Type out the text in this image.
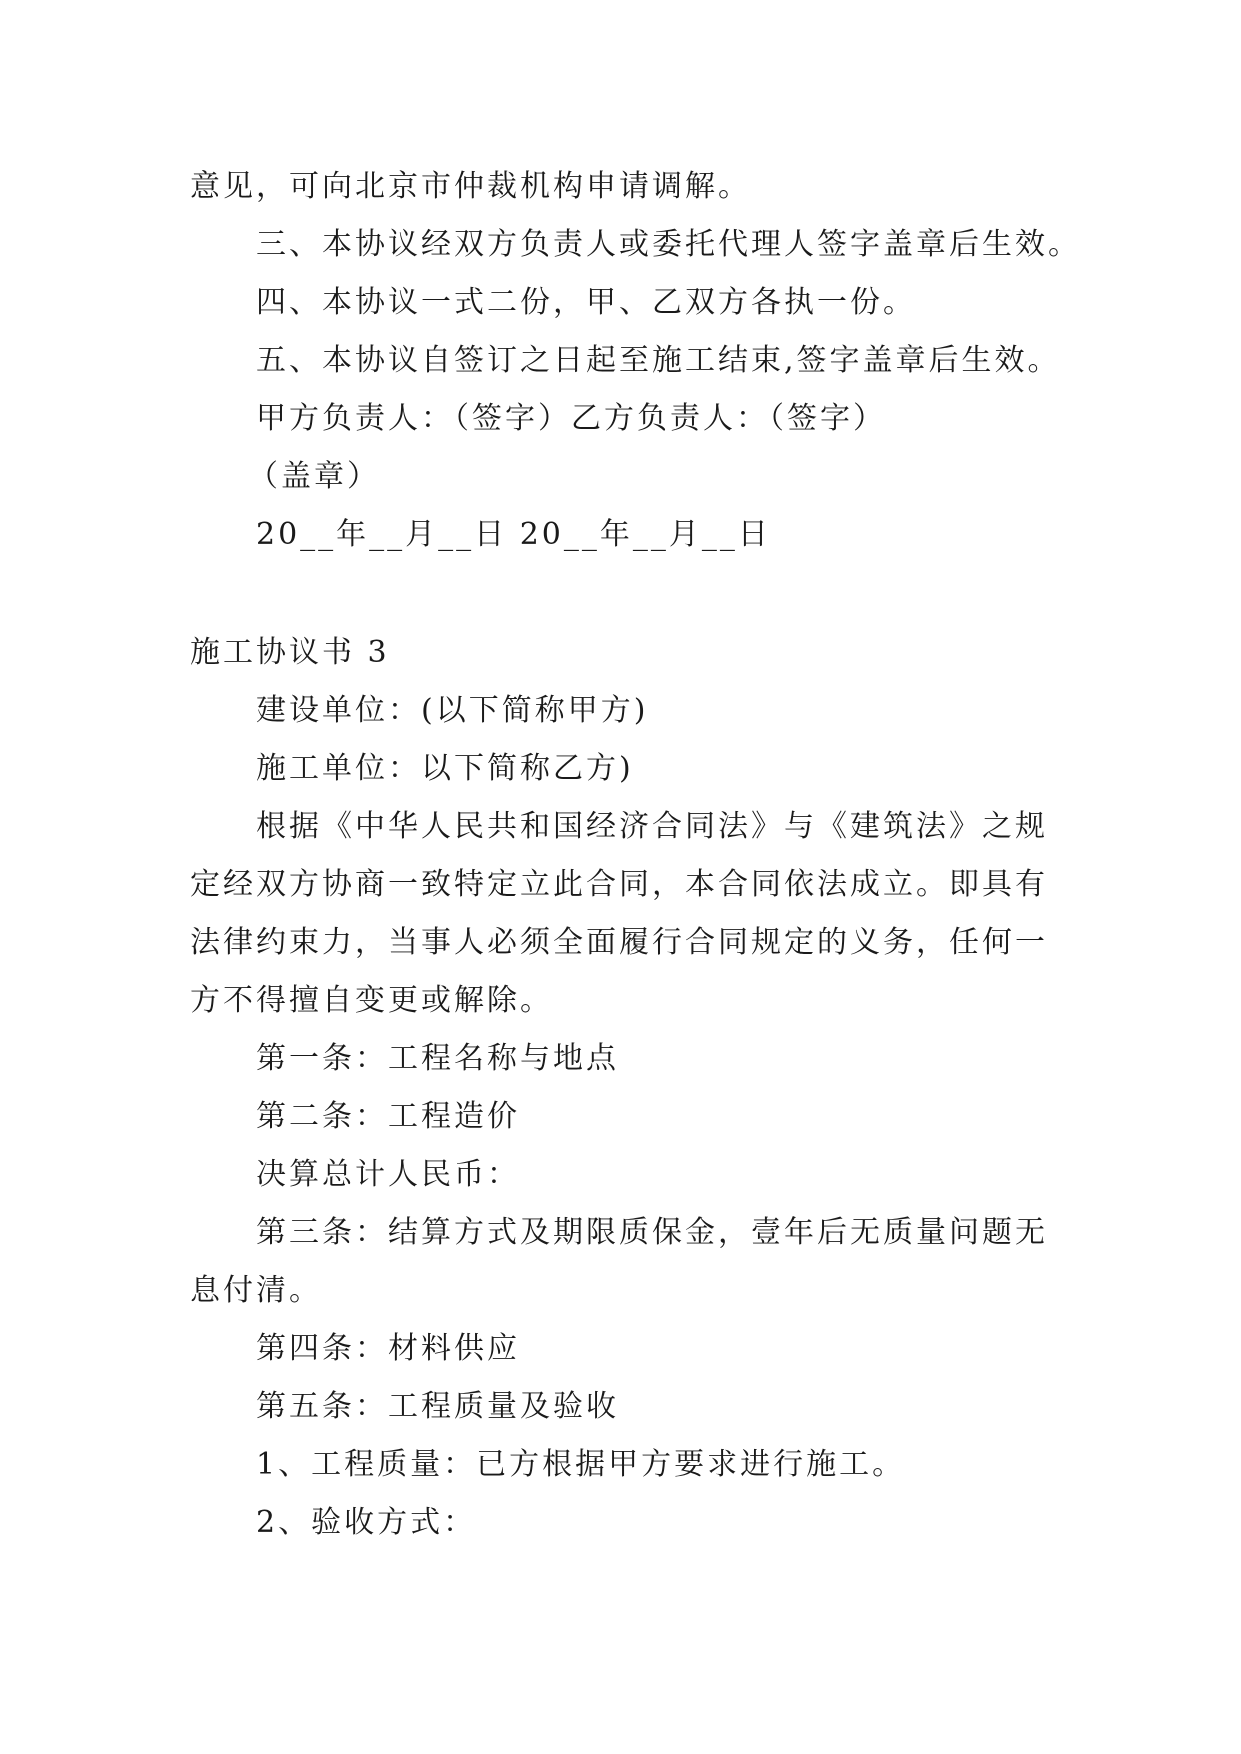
意见，可向北京市仲裁机构申请调解。
三、本协议经双方负责人或委托代理人签字盖章后生效。
四、本协议一式二份，甲、乙双方各执一份。
五、本协议自签订之日起至施工结束,签字盖章后生效。
甲方负责人：（签字）乙方负责人：（签字）
（盖章）
20__年__月__日 20__年__月__日
施工协议书 3
建设单位：(以下简称甲方)
施工单位：以下简称乙方)
根据《中华人民共和国经济合同法》与《建筑法》之规
定经双方协商一致特定立此合同，本合同依法成立。即具有
法律约束力，当事人必须全面履行合同规定的义务，任何一
方不得擅自变更或解除。
第一条：工程名称与地点
第二条：工程造价
决算总计人民币：
第三条：结算方式及期限质保金，壹年后无质量问题无
息付清。
第四条：材料供应
第五条：工程质量及验收
1、工程质量：已方根据甲方要求进行施工。
2、验收方式：
